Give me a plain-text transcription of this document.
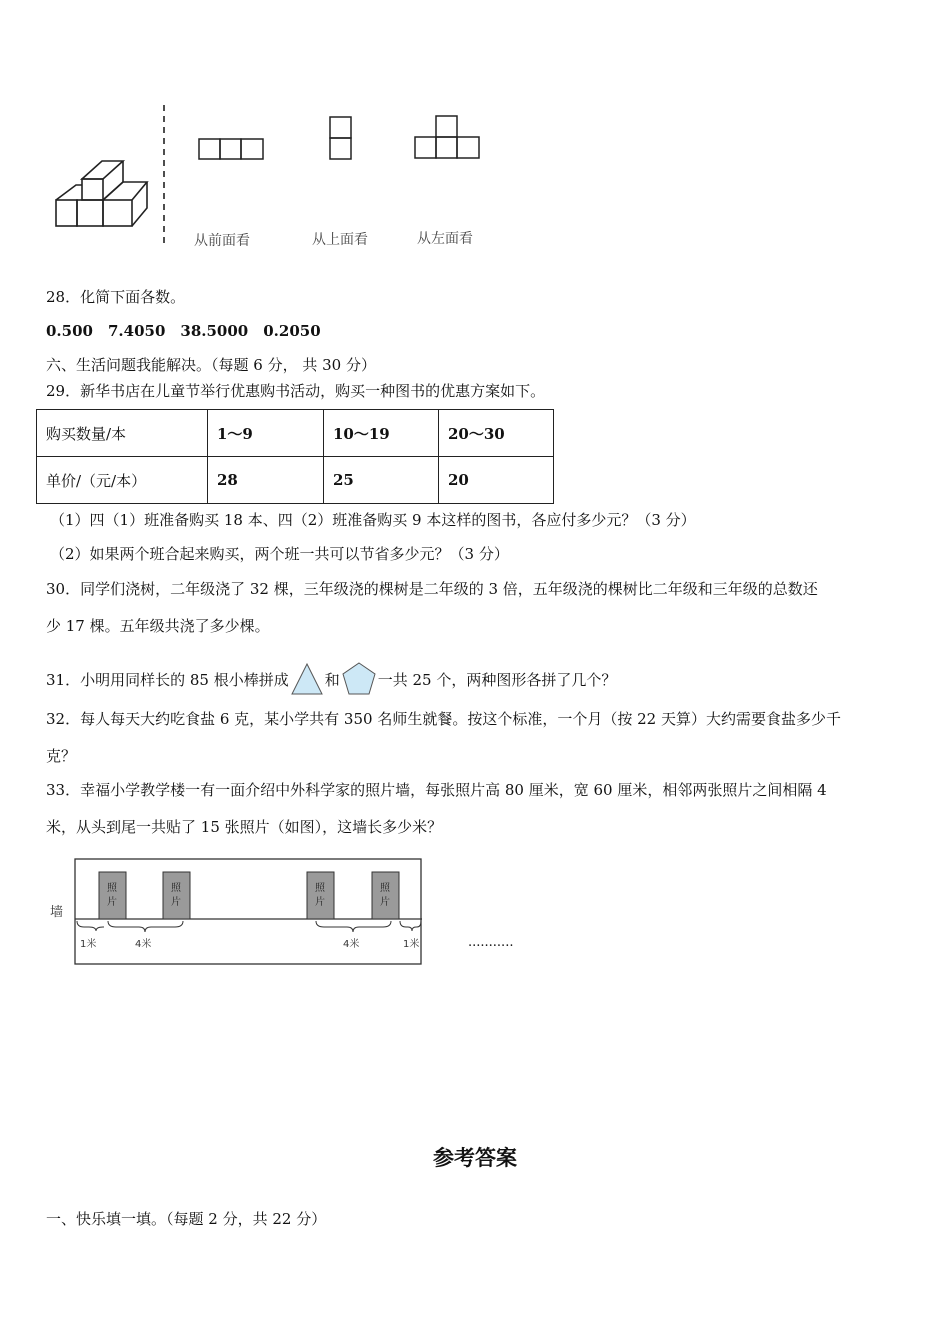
从前面看	从上面看	从左面看
28．化简下面各数。
0.500　7.4050　38.5000　0.2050
六、生活问题我能解决。（每题 6 分， 共 30 分）
29．新华书店在儿童节举行优惠购书活动，购买一种图书的优惠方案如下。
购买数量/本	1～9	10～19	20～30
单价/（元/本）	28	25	20
（1）四（1）班准备购买 18 本、四（2）班准备购买 9 本这样的图书，各应付多少元？（3 分）
（2）如果两个班合起来购买，两个班一共可以节省多少元？（3 分）
30．同学们浇树，二年级浇了 32 棵，三年级浇的棵树是二年级的 3 倍，五年级浇的棵树比二年级和三年级的总数还
少 17 棵。五年级共浇了多少棵。
31．小明用同样长的 85 根小棒拼成 和	一共 25 个，两种图形各拼了几个？
32．每人每天大约吃食盐 6 克，某小学共有 350 名师生就餐。按这个标准，一个月（按 22 天算）大约需要食盐多少千
克？
33．幸福小学教学楼一有一面介绍中外科学家的照片墙，每张照片高 80 厘米，宽 60 厘米，相邻两张照片之间相隔 4
米，从头到尾一共贴了 15 张照片（如图），这墙长多少米？
墙
照
片
照
片
照
片
照
片
1米	4米	4米	1米	...........
参考答案
一、快乐填一填。（每题 2 分，共 22 分）
